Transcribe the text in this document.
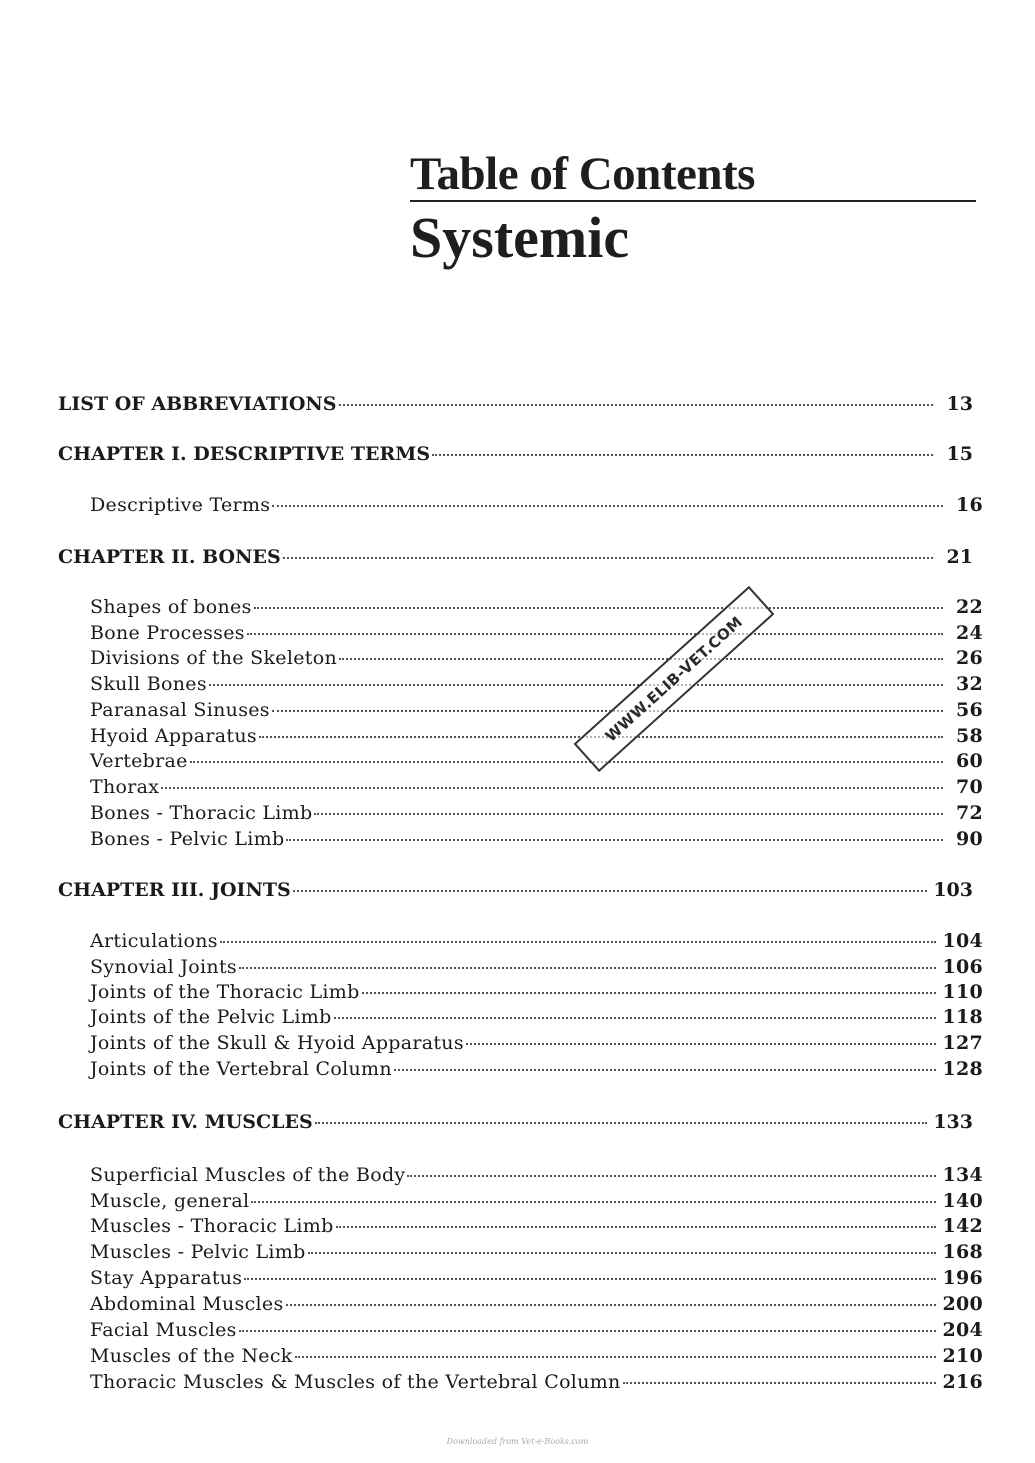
Table of Contents
Systemic
LIST OF ABBREVIATIONS	13
CHAPTER I. DESCRIPTIVE TERMS	15
Descriptive Terms	16
CHAPTER II. BONES	21
Shapes of bones	22
Bone Processes	24
Divisions of the Skeleton	26
Skull Bones	32
Paranasal Sinuses	56
Hyoid Apparatus	58
Vertebrae	60
Thorax	70
Bones - Thoracic Limb	72
Bones - Pelvic Limb	90
CHAPTER III. JOINTS	103
Articulations	104
Synovial Joints	106
Joints of the Thoracic Limb	110
Joints of the Pelvic Limb	118
Joints of the Skull & Hyoid Apparatus	127
Joints of the Vertebral Column	128
CHAPTER IV. MUSCLES	133
Superficial Muscles of the Body	134
Muscle, general	140
Muscles - Thoracic Limb	142
Muscles - Pelvic Limb	168
Stay Apparatus	196
Abdominal Muscles	200
Facial Muscles	204
Muscles of the Neck	210
Thoracic Muscles & Muscles of the Vertebral Column	216
WWW.ELIB-VET.COM
Downloaded from Vet-e-Books.com
